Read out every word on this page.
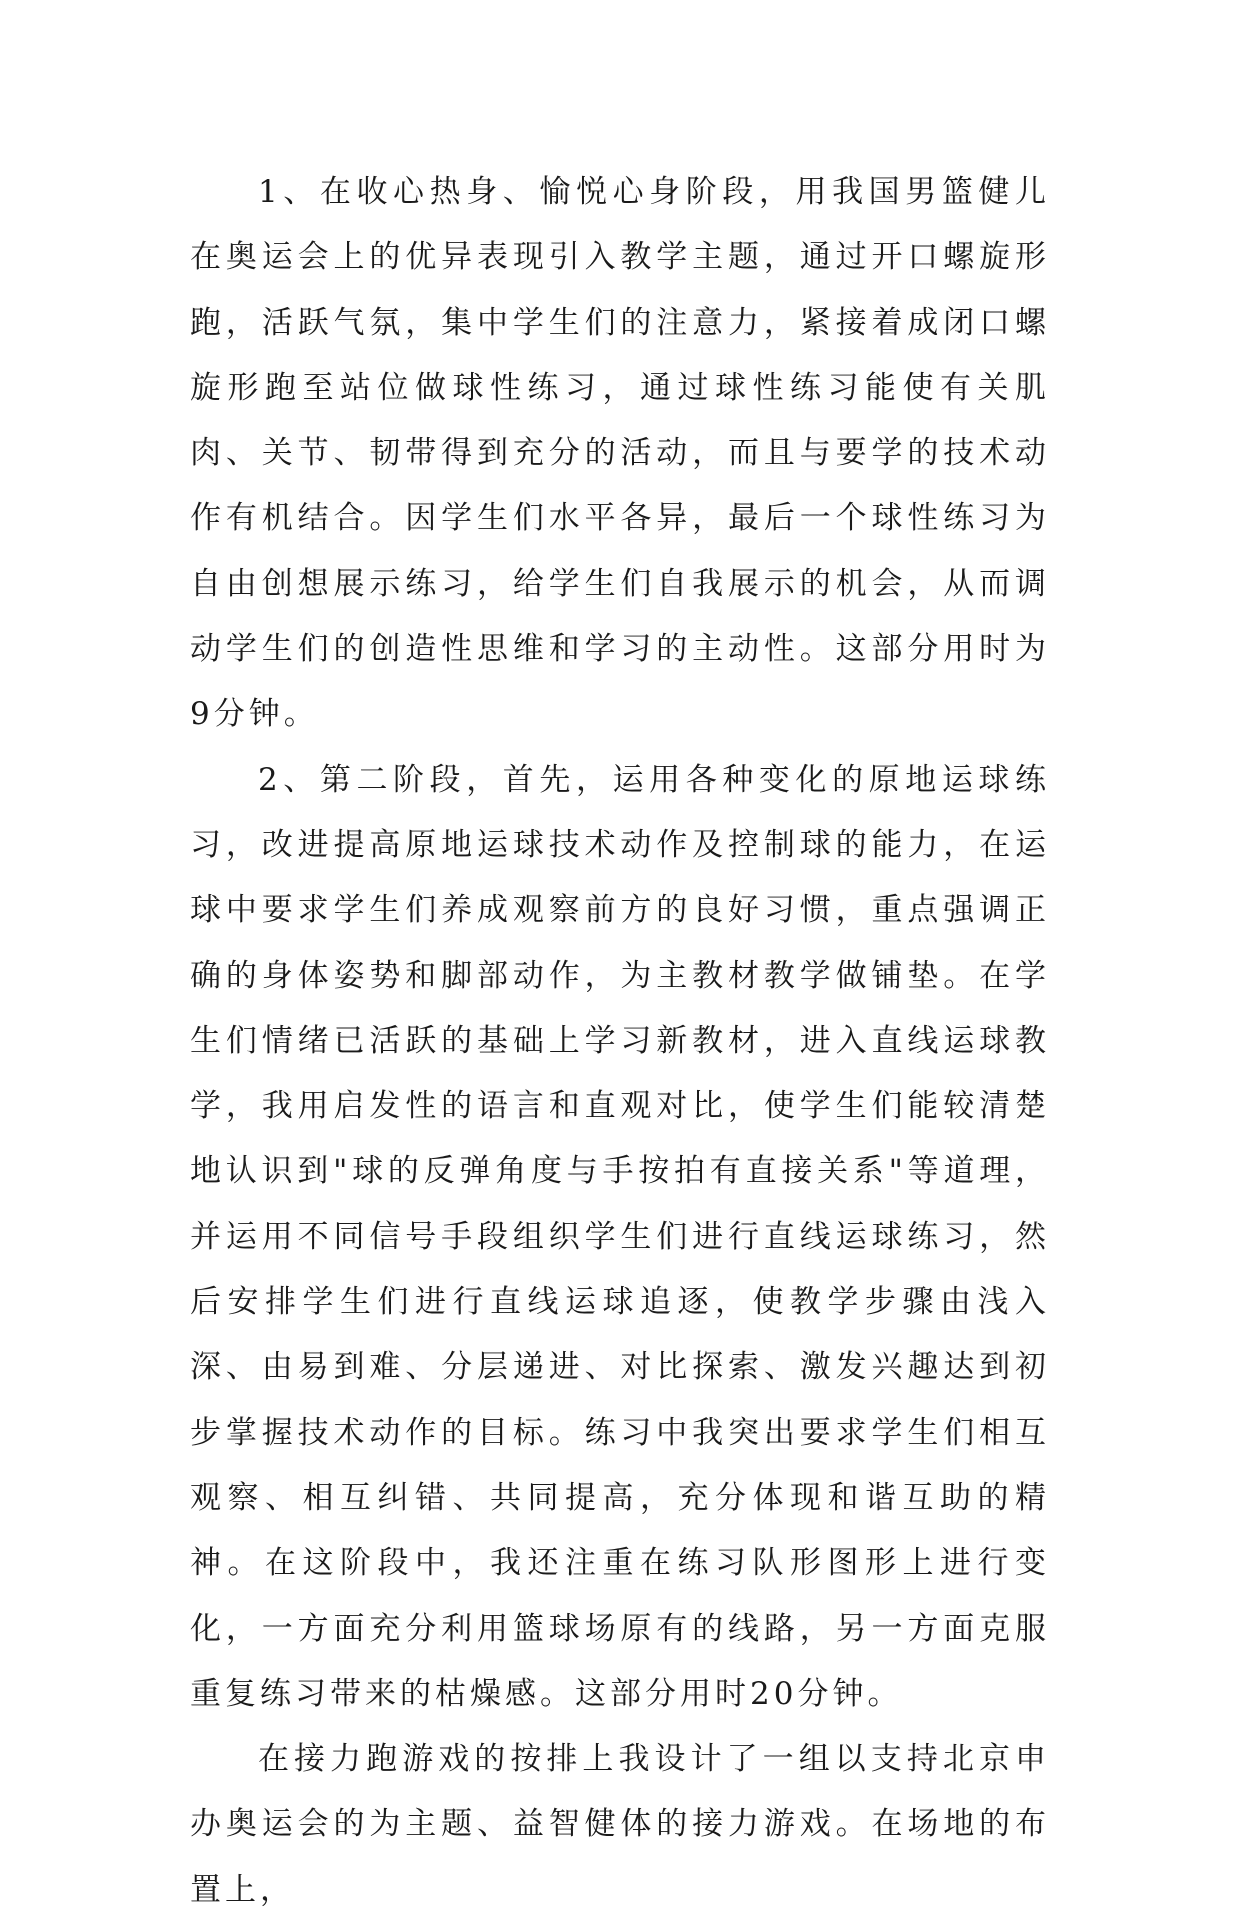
1、在收心热身、愉悦心身阶段，用我国男篮健儿在奥运会上的优异表现引入教学主题，通过开口螺旋形跑，活跃气氛，集中学生们的注意力，紧接着成闭口螺旋形跑至站位做球性练习，通过球性练习能使有关肌肉、关节、韧带得到充分的活动，而且与要学的技术动作有机结合。因学生们水平各异，最后一个球性练习为自由创想展示练习，给学生们自我展示的机会，从而调动学生们的创造性思维和学习的主动性。这部分用时为9分钟。

2、第二阶段，首先，运用各种变化的原地运球练习，改进提高原地运球技术动作及控制球的能力，在运球中要求学生们养成观察前方的良好习惯，重点强调正确的身体姿势和脚部动作，为主教材教学做铺垫。在学生们情绪已活跃的基础上学习新教材，进入直线运球教学，我用启发性的语言和直观对比，使学生们能较清楚地认识到"球的反弹角度与手按拍有直接关系"等道理，并运用不同信号手段组织学生们进行直线运球练习，然后安排学生们进行直线运球追逐，使教学步骤由浅入深、由易到难、分层递进、对比探索、激发兴趣达到初步掌握技术动作的目标。练习中我突出要求学生们相互观察、相互纠错、共同提高，充分体现和谐互助的精神。在这阶段中，我还注重在练习队形图形上进行变化，一方面充分利用篮球场原有的线路，另一方面克服重复练习带来的枯燥感。这部分用时20分钟。

在接力跑游戏的按排上我设计了一组以支持北京申办奥运会的为主题、益智健体的接力游戏。在场地的布置上，
